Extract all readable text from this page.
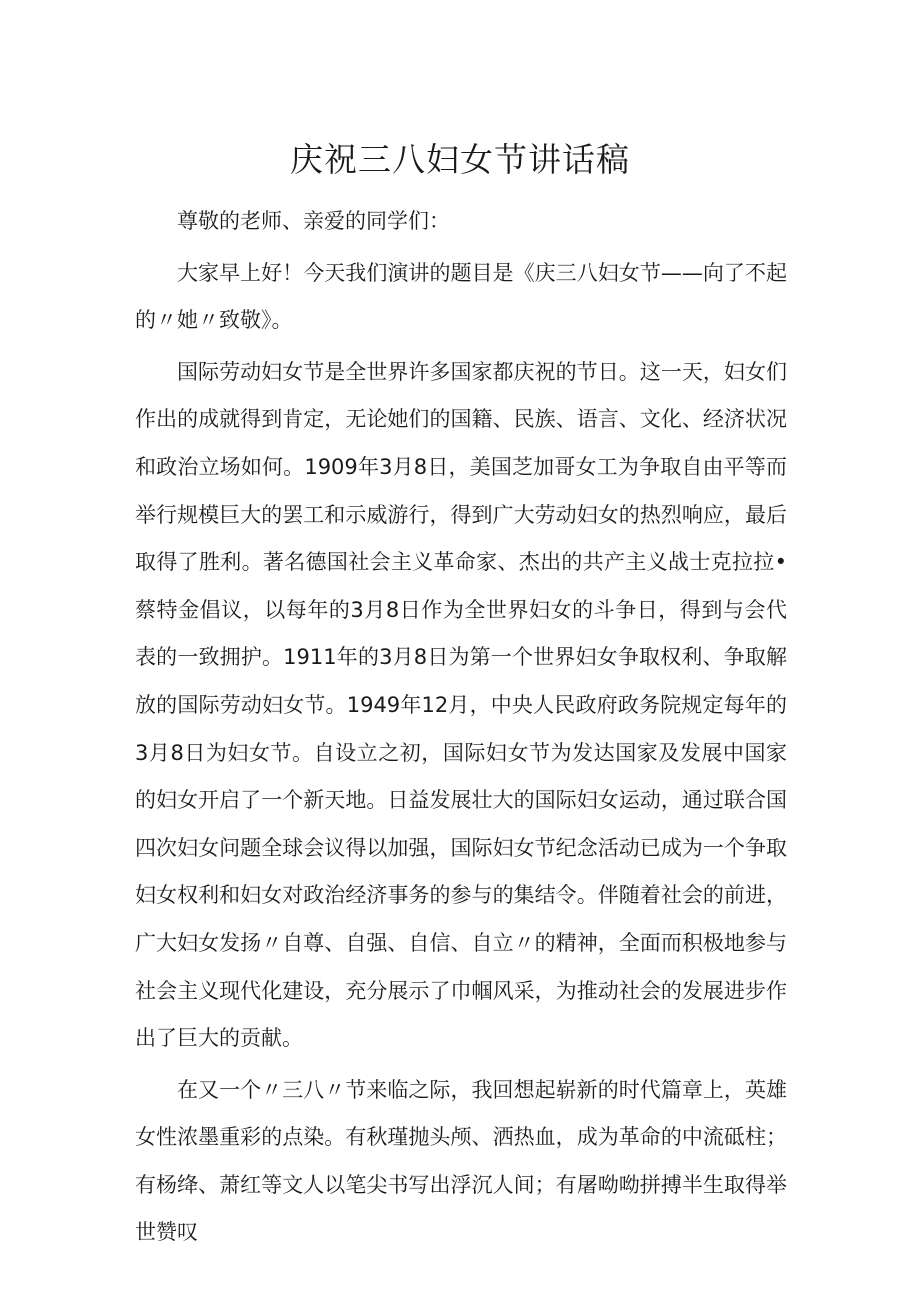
庆祝三八妇女节讲话稿

尊敬的老师、亲爱的同学们：

大家早上好！今天我们演讲的题目是《庆三八妇女节——向了不起的〃她〃致敬》。

国际劳动妇女节是全世界许多国家都庆祝的节日。这一天，妇女们作出的成就得到肯定，无论她们的国籍、民族、语言、文化、经济状况和政治立场如何。1909年3月8日，美国芝加哥女工为争取自由平等而举行规模巨大的罢工和示威游行，得到广大劳动妇女的热烈响应，最后取得了胜利。著名德国社会主义革命家、杰出的共产主义战士克拉拉•蔡特金倡议，以每年的3月8日作为全世界妇女的斗争日，得到与会代表的一致拥护。1911年的3月8日为第一个世界妇女争取权利、争取解放的国际劳动妇女节。1949年12月，中央人民政府政务院规定每年的3月8日为妇女节。自设立之初，国际妇女节为发达国家及发展中国家的妇女开启了一个新天地。日益发展壮大的国际妇女运动，通过联合国四次妇女问题全球会议得以加强，国际妇女节纪念活动已成为一个争取妇女权利和妇女对政治经济事务的参与的集结令。伴随着社会的前进，广大妇女发扬〃自尊、自强、自信、自立〃的精神，全面而积极地参与社会主义现代化建设，充分展示了巾帼风采，为推动社会的发展进步作出了巨大的贡献。

在又一个〃三八〃节来临之际，我回想起崭新的时代篇章上，英雄女性浓墨重彩的点染。有秋瑾抛头颅、洒热血，成为革命的中流砥柱；有杨绛、萧红等文人以笔尖书写出浮沉人间；有屠呦呦拼搏半生取得举世赞叹
